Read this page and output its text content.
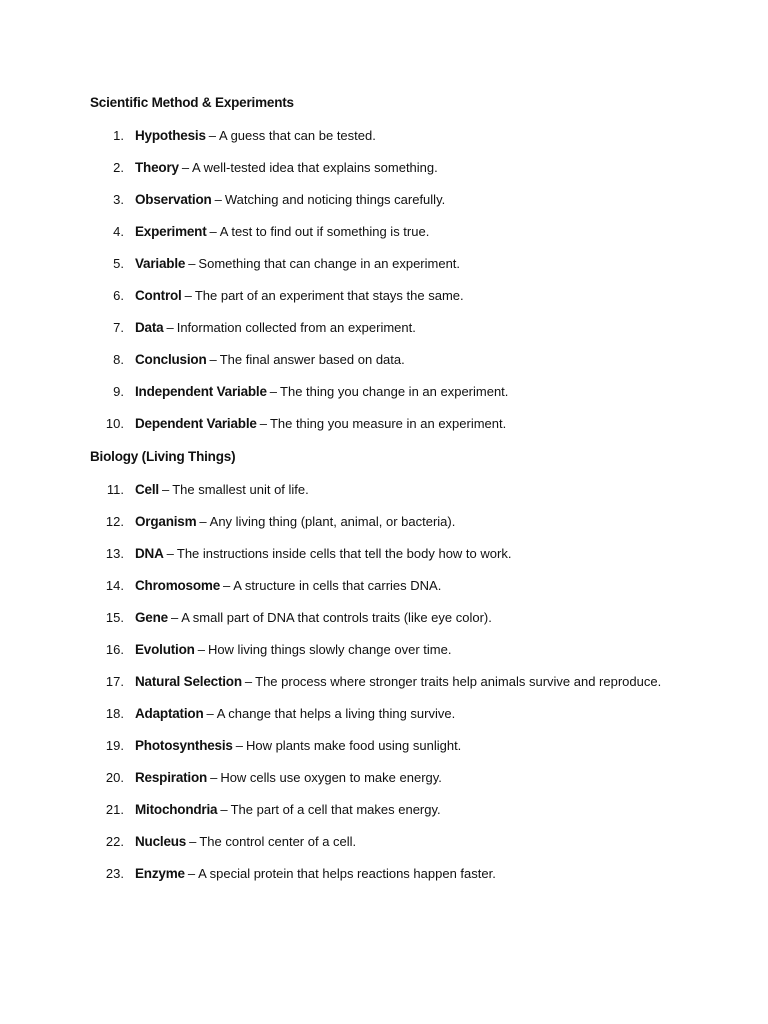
Scientific Method & Experiments
1. Hypothesis – A guess that can be tested.
2. Theory – A well-tested idea that explains something.
3. Observation – Watching and noticing things carefully.
4. Experiment – A test to find out if something is true.
5. Variable – Something that can change in an experiment.
6. Control – The part of an experiment that stays the same.
7. Data – Information collected from an experiment.
8. Conclusion – The final answer based on data.
9. Independent Variable – The thing you change in an experiment.
10. Dependent Variable – The thing you measure in an experiment.
Biology (Living Things)
11. Cell – The smallest unit of life.
12. Organism – Any living thing (plant, animal, or bacteria).
13. DNA – The instructions inside cells that tell the body how to work.
14. Chromosome – A structure in cells that carries DNA.
15. Gene – A small part of DNA that controls traits (like eye color).
16. Evolution – How living things slowly change over time.
17. Natural Selection – The process where stronger traits help animals survive and reproduce.
18. Adaptation – A change that helps a living thing survive.
19. Photosynthesis – How plants make food using sunlight.
20. Respiration – How cells use oxygen to make energy.
21. Mitochondria – The part of a cell that makes energy.
22. Nucleus – The control center of a cell.
23. Enzyme – A special protein that helps reactions happen faster.
